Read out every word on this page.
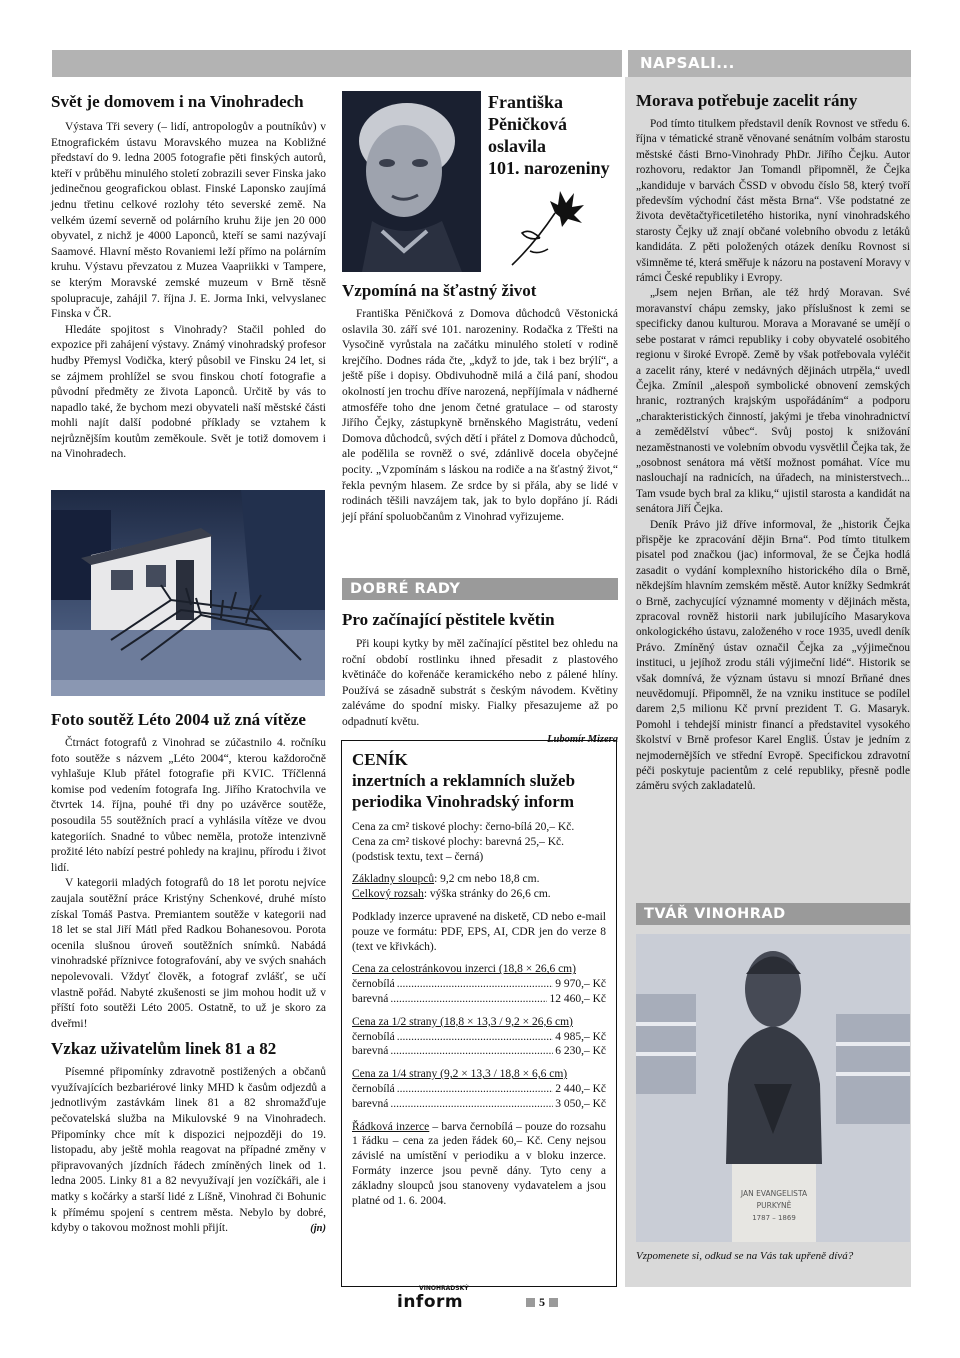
NAPSALI...
Svět je domovem i na Vinohradech

Výstava Tři severy (– lidí, antropologův a poutníkův) v Etnografickém ústavu Moravského muzea na Kobližné představí do 9. ledna 2005 fotografie pěti finských autorů, kteří v průběhu minulého století zobrazili sever Finska jako jedinečnou geografickou oblast. Finské Laponsko zaujímá jednu třetinu celkové rozlohy této severské země. Na velkém území severně od polárního kruhu žije jen 20 000 obyvatel, z nichž je 4000 Laponců, kteří se sami nazývají Saamové. Hlavní město Rovaniemi leží přímo na polárním kruhu. Výstavu převzatou z Muzea Vaapriikki v Tampere, se kterým Moravské zemské muzeum v Brně těsně spolupracuje, zahájil 7. října J. E. Jorma Inki, velvyslanec Finska v ČR.

Hledáte spojitost s Vinohrady? Stačil pohled do expozice při zahájení výstavy. Známý vinohradský profesor hudby Přemysl Vodička, který působil ve Finsku 24 let, si se zájmem prohlížel se svou finskou chotí fotografie a původní předměty ze života Laponců. Určitě by vás to napadlo také, že bychom mezi obyvateli naší městské části mohli najít další podobné příklady se vztahem k nejrůznějším koutům zeměkoule. Svět je totiž domovem i na Vinohradech.

Foto soutěž Léto 2004 už zná vítěze

Čtrnáct fotografů z Vinohrad se zúčastnilo 4. ročníku foto soutěže s názvem „Léto 2004“, kterou každoročně vyhlašuje Klub přátel fotografie při KVIC. Tříčlenná komise pod vedením fotografa Ing. Jiřího Kratochvila ve čtvrtek 14. října, pouhé tři dny po uzávěrce soutěže, posoudila 55 soutěžních prací a vyhlásila vítěze ve dvou kategoriích. Snadné to vůbec neměla, protože intenzivně prožité léto nabízí pestré pohledy na krajinu, přírodu i život lidí.

V kategorii mladých fotografů do 18 let porotu nejvíce zaujala soutěžní práce Kristýny Schenkové, druhé místo získal Tomáš Pastva. Premiantem soutěže v kategorii nad 18 let se stal Jiří Mátl před Radkou Bohanesovou. Porota ocenila slušnou úroveň soutěžních snímků. Nabádá vinohradské příznivce fotografování, aby ve svých snahách nepolevovali. Vždyť člověk, a fotograf zvlášť, se učí vlastně pořád. Nabyté zkušenosti se jim mohou hodit už v příští foto soutěži Léto 2005. Ostatně, to už je skoro za dveřmi!

Vzkaz uživatelům linek 81 a 82

Písemné připomínky zdravotně postižených a občanů využívajících bezbariérové linky MHD k časům odjezdů a jednotlivým zastávkám linek 81 a 82 shromažďuje pečovatelská služba na Mikulovské 9 na Vinohradech. Připomínky chce mít k dispozici nejpozději do 19. listopadu, aby ještě mohla reagovat na případné změny v připravovaných jízdních řádech zmíněných linek od 1. ledna 2005. Linky 81 a 82 nevyužívají jen vozíčkáři, ale i matky s kočárky a starší lidé z Líšně, Vinohrad či Bohunic k přímému spojení s centrem města. Nebylo by dobré, kdyby o takovou možnost mohli přijít.	(jn)

Františka
Pěničková
oslavila
101. narozeniny
Vzpomíná na šťastný život

Františka Pěničková z Domova důchodců Věstonická oslavila 30. září své 101. narozeniny. Rodačka z Třešti na Vysočině vyrůstala na začátku minulého století v rodině krejčího. Dodnes ráda čte, „když to jde, tak i bez brýlí“, a ještě píše i dopisy. Obdivuhodně milá a čilá paní, shodou okolností jen trochu dříve narozená, nepříjímala v nádherné atmosféře toho dne jenom četné gratulace – od starosty Jiřího Čejky, zástupkyně brněnského Magistrátu, vedení Domova důchodců, svých dětí i přátel z Domova důchodců, ale podělila se rovněž o své, zdánlivě docela obyčejné pocity. „Vzpomínám s láskou na rodiče a na šťastný život,“ řekla pevným hlasem. Ze srdce by si přála, aby se lidé v rodinách těšili navzájem tak, jak to bylo dopřáno jí. Rádi její přání spoluobčanům z Vinohrad vyřizujeme.

DOBRÉ RADY
Pro začínající pěstitele květin

Při koupi kytky by měl začínající pěstitel bez ohledu na roční období rostlinku ihned přesadit z plastového květináče do kořenáče keramického nebo z pálené hlíny. Používá se zásadně substrát s českým návodem. Květiny zaléváme do spodní misky. Fialky přesazujeme až po odpadnutí květu.

Lubomír Mizera
CENÍK
inzertních a reklamních služeb
periodika Vinohradský inform

Cena za cm² tiskové plochy: černo-bílá 20,– Kč.

Cena za cm² tiskové plochy: barevná 25,– Kč.

(podstisk textu, text – černá)

Základny sloupců: 9,2 cm nebo 18,8 cm.

Celkový rozsah: výška stránky do 26,6 cm.

Podklady inzerce upravené na disketě, CD nebo e-mail pouze ve formátu: PDF, EPS, AI, CDR jen do verze 8 (text ve křivkách).

Cena za celostránkovou inzerci (18,8 × 26,6 cm)

černobílá .....	9 970,– Kč
barevná .....	12 460,– Kč

Cena za 1/2 strany (18,8 × 13,3 / 9,2 × 26,6 cm)

černobílá .....	4 985,– Kč
barevná .....	6 230,– Kč

Cena za 1/4 strany (9,2 × 13,3 / 18,8 × 6,6 cm)

černobílá .....	2 440,– Kč
barevná .....	3 050,– Kč

Řádková inzerce – barva černobílá – pouze do rozsahu 1 řádku – cena za jeden řádek 60,– Kč. Ceny nejsou závislé na umístění v periodiku a v bloku inzerce. Formáty inzerce jsou pevně dány. Tyto ceny a základny sloupců jsou stanoveny vydavatelem a jsou platné od 1. 6. 2004.

Morava potřebuje zacelit rány

Pod tímto titulkem představil deník Rovnost ve středu 6. října v tématické straně věnované senátním volbám starostu městské části Brno-Vinohrady PhDr. Jiřího Čejku. Autor rozhovoru, redaktor Jan Tomandl připomněl, že Čejka „kandiduje v barvách ČSSD v obvodu číslo 58, který tvoří především východní část města Brna“. Vše podstatné ze života devětačtyřicetiletého historika, nyní vinohradského starosty Čejky už znají občané volebního obvodu z letáků kandidáta. Z pěti položených otázek deníku Rovnost si všimněme té, která směřuje k názoru na postavení Moravy v rámci České republiky i Evropy.

„Jsem nejen Brňan, ale též hrdý Moravan. Své moravanství chápu zemsky, jako příslušnost k zemi se specifickу danou kulturou. Morava a Moravané se umějí o sebe postarat v rámci republiky i coby obyvatelé osobitého regionu v široké Evropě. Země by však potřebovala vyléčit a zacelit rány, které v nedávných dějinách utrpěla,“ uvedl Čejka. Zmínil „alespoň symbolické obnovení zemských hranic, roztraných krajským uspořádáním“ a podporu „charakteristických činností, jakými je třeba vinohradnictví a zemědělství vůbec“. Svůj postoj k snižování nezaměstnanosti ve volebním obvodu vysvětlil Čejka tak, že „osobnost senátora má větší možnost pomáhat. Více mu naslouchají na radnicích, na úřadech, na ministerstvech... Tam vsude bych bral za kliku,“ ujistil starosta a kandidát na senátora Jiří Čejka.

Deník Právo již dříve informoval, že „historik Čejka přispěje ke zpracování dějin Brna“. Pod tímto titulkem pisatel pod značkou (jac) informoval, že se Čejka hodlá zasadit o vydání komplexního historického díla o Brně, někdejším hlavním zemském městě. Autor knížky Sedmkrát o Brně, zachycující významné momenty v dějinách města, zpracoval rovněž historii nark jubilujícího Masarykova onkologického ústavu, založeného v roce 1935, uvedl deník Právo. Zmíněný ústav označil Čejka za „výjimečnou instituci, u jejíhož zrodu stáli výjimeční lidé“. Historik se však domnívá, že význam ústavu si mnozí Brňané dnes neuvědomují. Připomněl, že na vzniku instituce se podílel darem 2,5 milionu Kč první prezident T. G. Masaryk. Pomohl i tehdejší ministr financí a představitel vysokého školství v Brně profesor Karel Engliš. Ústav je jedním z nejmodernějších ve střední Evropě. Specifickou zdravotní péči poskytuje pacientům z celé republiky, přesně podle záměru svých zakladatelů.

TVÁŘ VINOHRAD
JAN EVANGELISTA
PURKYNĚ
1787 – 1869
Vzpomenete si, odkud se na Vás tak upřeně dívá?
VINOHRADSKÝ
inform	5
